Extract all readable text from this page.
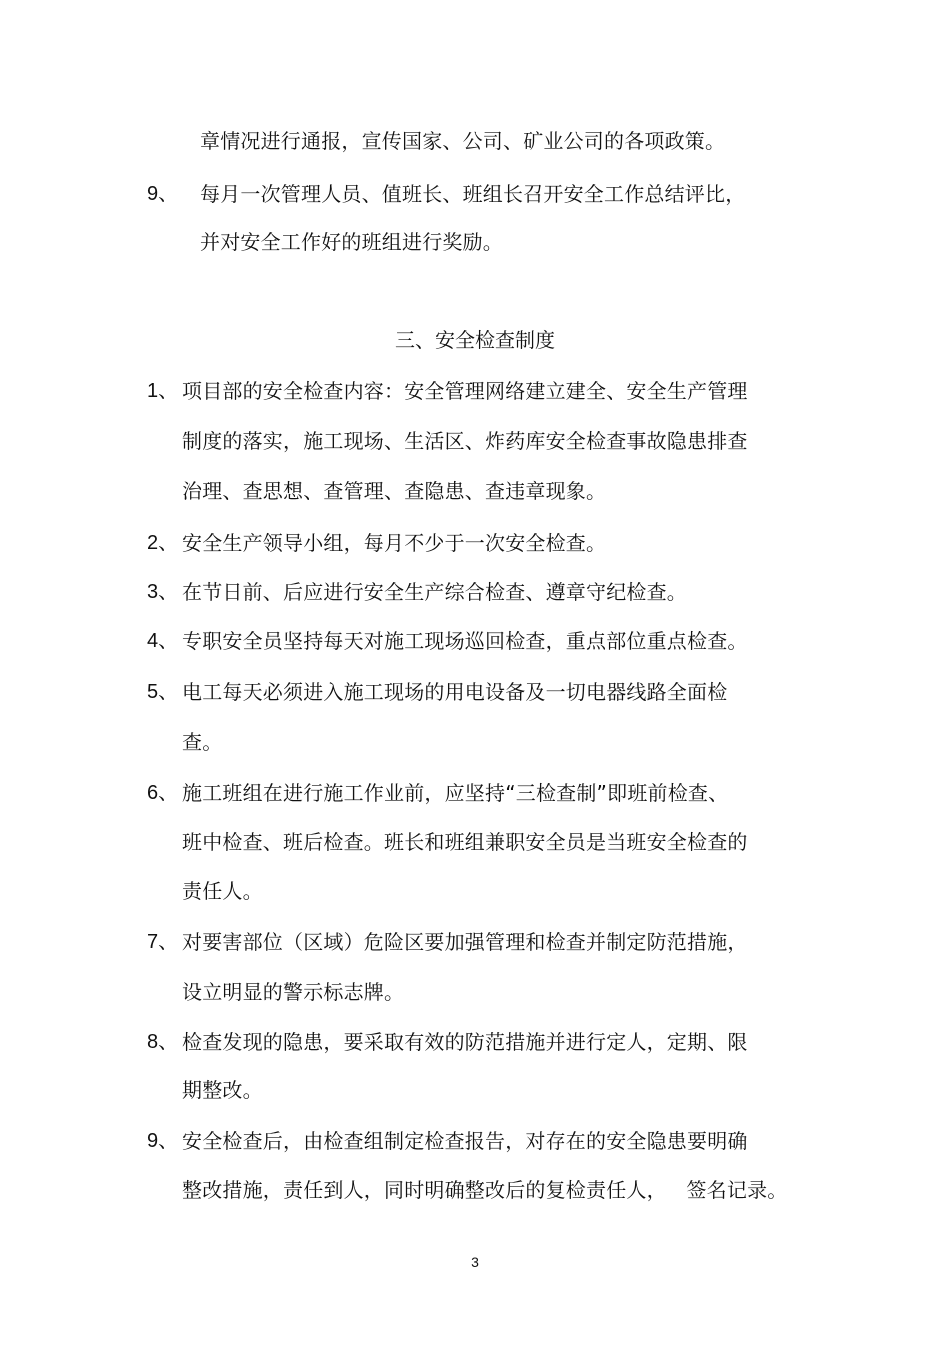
章情况进行通报，宣传国家、公司、矿业公司的各项政策。
9、 每月一次管理人员、值班长、班组长召开安全工作总结评比，
并对安全工作好的班组进行奖励。
三、安全检查制度
1、 项目部的安全检查内容：安全管理网络建立建全、安全生产管理
制度的落实，施工现场、生活区、炸药库安全检查事故隐患排查
治理、查思想、查管理、查隐患、查违章现象。
2、 安全生产领导小组，每月不少于一次安全检查。
3、 在节日前、后应进行安全生产综合检查、遵章守纪检查。
4、 专职安全员坚持每天对施工现场巡回检查，重点部位重点检查。
5、 电工每天必须进入施工现场的用电设备及一切电器线路全面检
查。
6、 施工班组在进行施工作业前，应坚持“三检查制”即班前检查、
班中检查、班后检查。班长和班组兼职安全员是当班安全检查的
责任人。
7、 对要害部位（区域）危险区要加强管理和检查并制定防范措施，
设立明显的警示标志牌。
8、 检查发现的隐患，要采取有效的防范措施并进行定人，定期、限
期整改。
9、 安全检查后，由检查组制定检查报告，对存在的安全隐患要明确
整改措施，责任到人，同时明确整改后的复检责任人，   签名记录。
3
